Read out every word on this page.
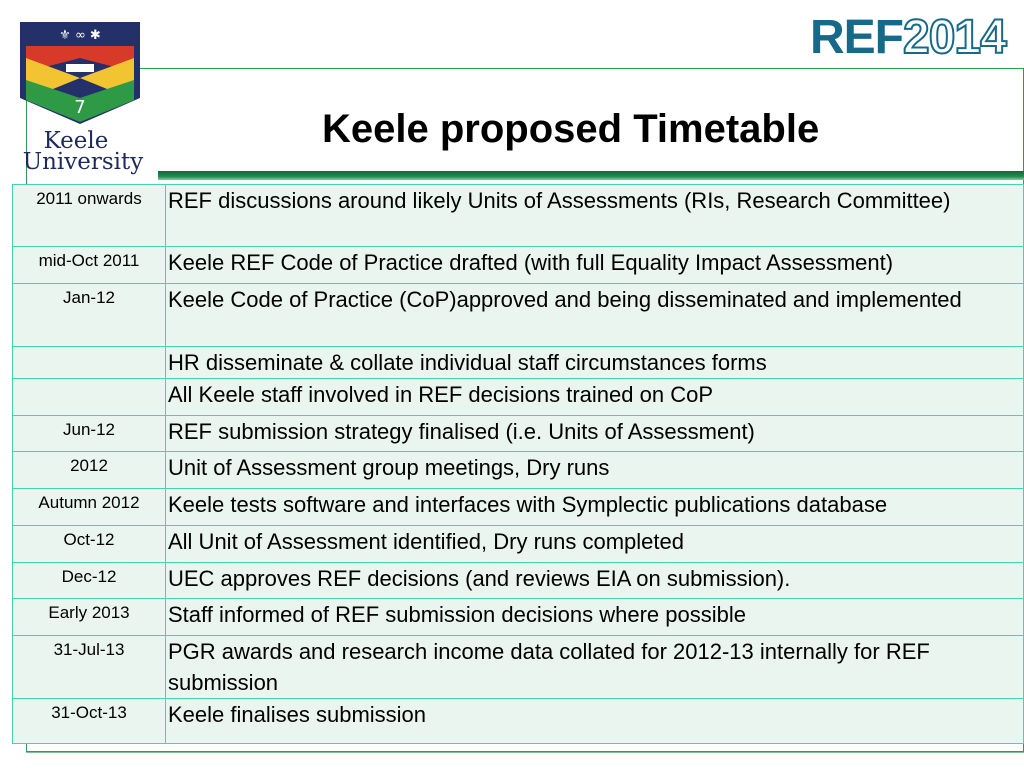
⚜ ∞ ✱
7
Keele
University
REF2014
Keele proposed Timetable
2011 onwards	REF discussions around likely Units of Assessments (RIs, Research Committee)
mid-Oct 2011	Keele REF Code of Practice drafted (with full Equality Impact Assessment)
Jan-12	Keele Code of Practice (CoP)approved and being disseminated and implemented
	HR disseminate & collate individual staff circumstances forms
	All Keele staff involved in REF decisions trained on CoP
Jun-12	REF submission strategy finalised (i.e. Units of Assessment)
2012	Unit of Assessment group meetings, Dry runs
Autumn 2012	Keele tests software and interfaces with Symplectic publications database
Oct-12	All Unit of Assessment identified, Dry runs completed
Dec-12	UEC approves REF decisions (and reviews EIA on submission).
Early 2013	Staff informed of REF submission decisions where possible
31-Jul-13	PGR awards and research income data collated for 2012-13 internally for REF submission
31-Oct-13	Keele finalises submission
